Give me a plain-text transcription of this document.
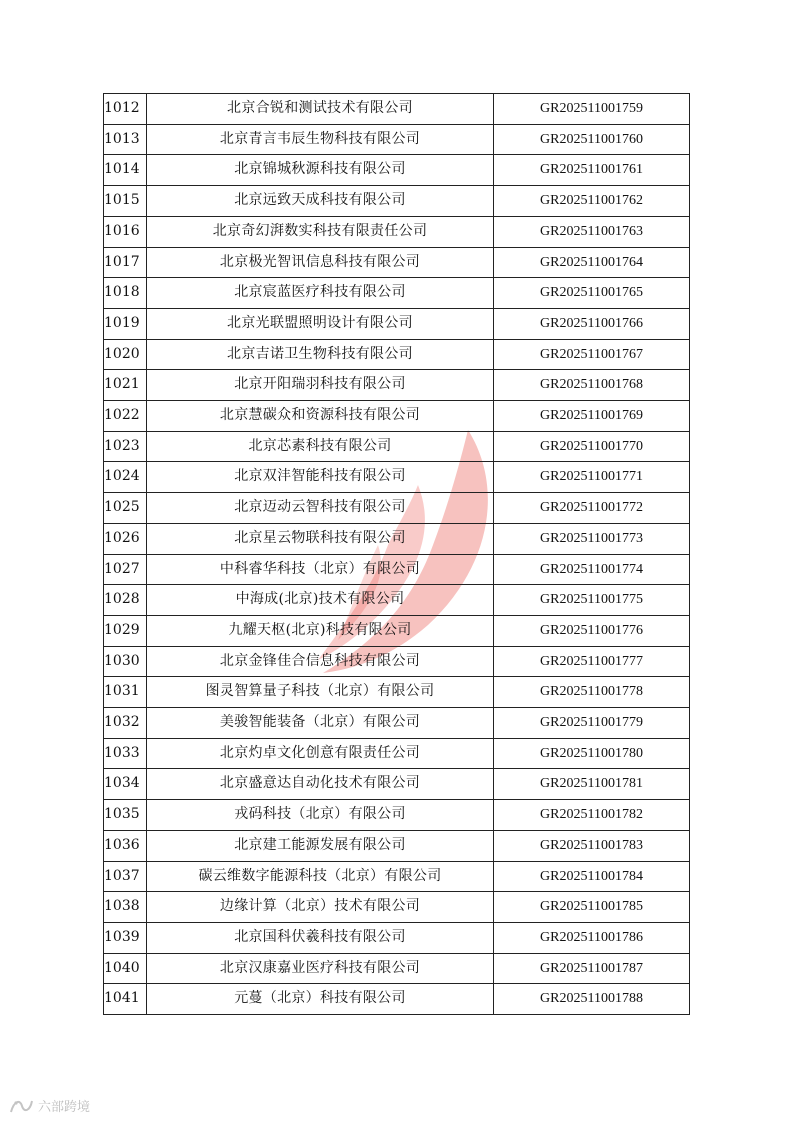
1012	北京合锐和测试技术有限公司	GR202511001759
1013	北京青言韦辰生物科技有限公司	GR202511001760
1014	北京锦城秋源科技有限公司	GR202511001761
1015	北京远致天成科技有限公司	GR202511001762
1016	北京奇幻湃数实科技有限责任公司	GR202511001763
1017	北京极光智讯信息科技有限公司	GR202511001764
1018	北京宸蓝医疗科技有限公司	GR202511001765
1019	北京光联盟照明设计有限公司	GR202511001766
1020	北京吉诺卫生物科技有限公司	GR202511001767
1021	北京开阳瑞羽科技有限公司	GR202511001768
1022	北京慧碳众和资源科技有限公司	GR202511001769
1023	北京芯素科技有限公司	GR202511001770
1024	北京双沣智能科技有限公司	GR202511001771
1025	北京迈动云智科技有限公司	GR202511001772
1026	北京星云物联科技有限公司	GR202511001773
1027	中科睿华科技（北京）有限公司	GR202511001774
1028	中海成(北京)技术有限公司	GR202511001775
1029	九耀天枢(北京)科技有限公司	GR202511001776
1030	北京金锋佳合信息科技有限公司	GR202511001777
1031	图灵智算量子科技（北京）有限公司	GR202511001778
1032	美骏智能装备（北京）有限公司	GR202511001779
1033	北京灼卓文化创意有限责任公司	GR202511001780
1034	北京盛意达自动化技术有限公司	GR202511001781
1035	戎码科技（北京）有限公司	GR202511001782
1036	北京建工能源发展有限公司	GR202511001783
1037	碳云维数字能源科技（北京）有限公司	GR202511001784
1038	边缘计算（北京）技术有限公司	GR202511001785
1039	北京国科伏羲科技有限公司	GR202511001786
1040	北京汉康嘉业医疗科技有限公司	GR202511001787
1041	元蔓（北京）科技有限公司	GR202511001788
六部跨境
